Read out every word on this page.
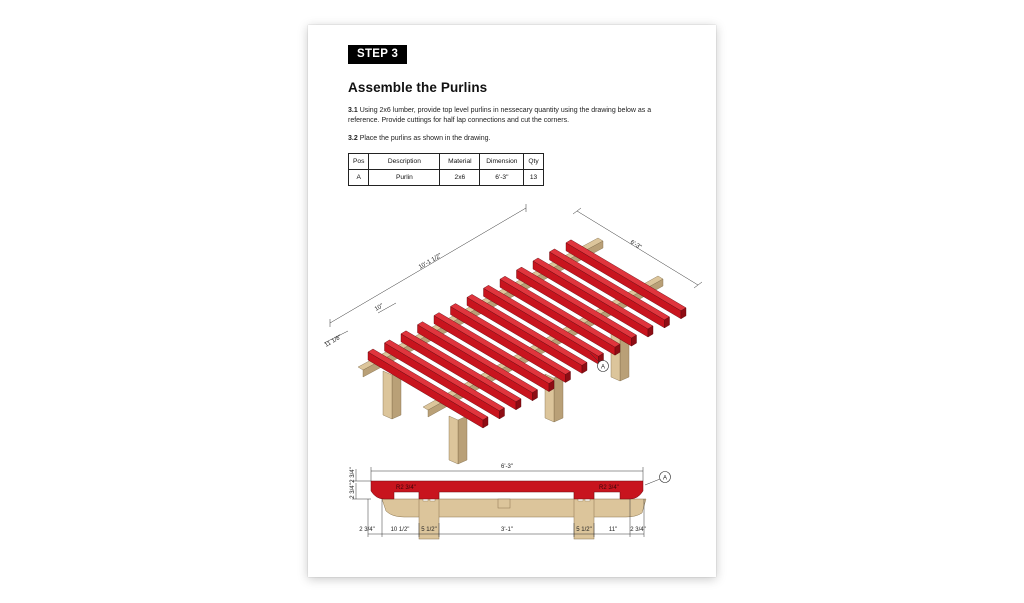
STEP 3
Assemble the Purlins

3.1 Using 2x6 lumber, provide top level purlins in nessecary quantity using the drawing below as a reference. Provide cuttings for half lap connections and cut the corners.

3.2 Place the purlins as shown in the drawing.

Pos	Description	Material	Dimension	Qty
A	Purlin	2x6	6'-3"	13
10'-1 1/2"
6'-3"
10"
11 1/8"
A
6'-3"
2 3/4"
2 3/4"	R2 3/4"	R2 3/4"
A
2 3/4"	10 1/2" 5 1/2"	3'-1"	5 1/2"	11" 2 3/4"
